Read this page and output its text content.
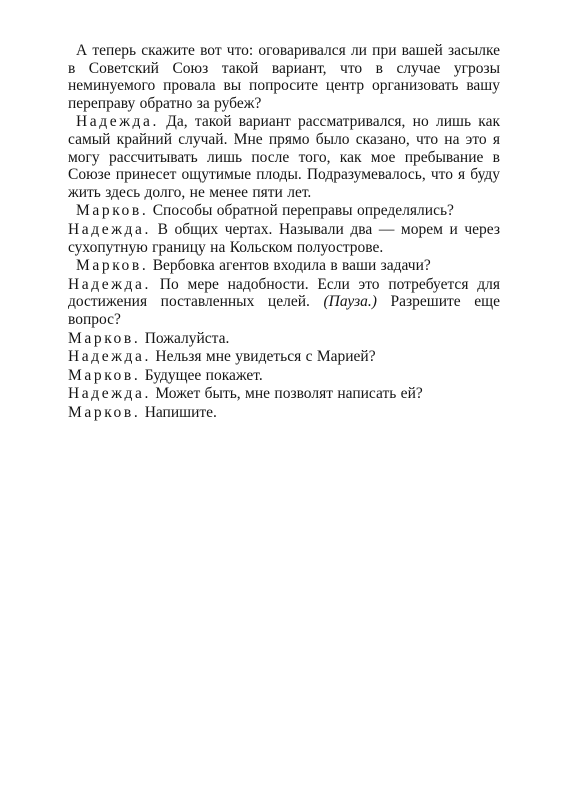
А теперь скажите вот что: оговаривался ли при вашей засылке в Советский Союз такой вариант, что в случае угрозы неминуемого провала вы попросите центр организовать вашу переправу обратно за рубеж?

Надежда. Да, такой вариант рассматривался, но лишь как самый крайний случай. Мне прямо было сказано, что на это я могу рассчитывать лишь после того, как мое пребывание в Союзе принесет ощутимые плоды. Подразумевалось, что я буду жить здесь долго, не менее пяти лет.

Марков. Способы обратной переправы определялись?

Надежда. В общих чертах. Называли два — морем и через сухопутную границу на Кольском полуострове.

Марков. Вербовка агентов входила в ваши задачи?

Надежда. По мере надобности. Если это потребуется для достижения поставленных целей. (Пауза.) Разрешите еще вопрос?

Марков. Пожалуйста.

Надежда. Нельзя мне увидеться с Марией?

Марков. Будущее покажет.

Надежда. Может быть, мне позволят написать ей?

Марков. Напишите.
